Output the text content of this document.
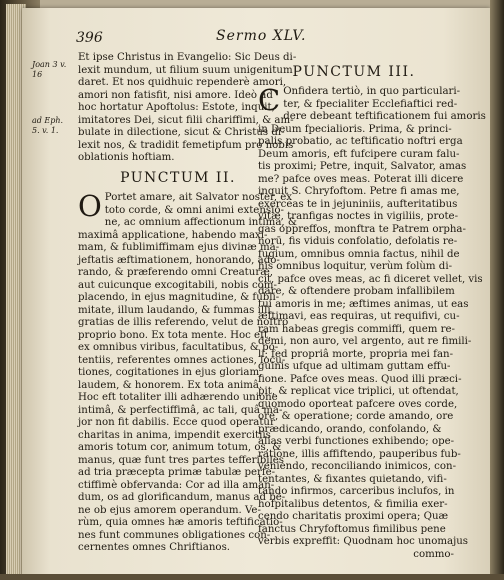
396	Sermo XLV.
Joan 3 v. 16
ad Eph. 5. v. 1.
Et ipse Christus in Evangelio: Sic Deus di-
lexit mundum, ut filium suum unigenitum
daret. Et nos quidhuic rependerè amori,
amori non fatisfit, nisi amore. Ideò ad
hoc hortatur Apoftolus: Estote, inquit,
imitatores Dei, sicut filii chariffimi, & am-
bulate in dilectione, sicut & Christus di-
lexit nos, & tradidit femetipfum pro nobis
oblationis hoftiam.
PUNCTUM II.
O Portet amare, ait Salvator noster, ex
toto corde, & omni animi extensio-
ne, ac omnium affectionum intima, &
maximâ applicatione, habendo maxi-
mam, & fublimiffimam ejus divinæ ma-
jeftatis æftimationem, honorando, ado-
rando, & præferendo omni Creaturæ,
aut cuicunque excogitabili, nobis com-
placendo, in ejus magnitudine, & fubli-
mitate, illum laudando, & fummas illi
gratias de illis referendo, velut de noftro
proprio bono. Ex tota mente. Hoc eft,
ex omnibus viribus, facultatibus, & po-
tentiis, referentes omnes actiones, locu-
tiones, cogitationes in ejus gloriam,
laudem, & honorem. Ex tota animâ.
Hoc eft totaliter illi adhærendo unione
intimâ, & perfectiffimâ, ac tali, quâ ma-
jor non fit dabilis. Ecce quod operatur
charitas in anima, impendit exercitiis
amoris totum cor, animum totum, os, &
manus, quæ funt tres partes tefferibiles
ad tria præcepta primæ tabulæ perfe-
ctiffimè obfervanda: Cor ad illa aman-
dum, os ad glorificandum, manus ad be-
ne ob ejus amorem operandum. Ve-
rùm, quia omnes hæ amoris teftificatio-
nes funt communes obligationes con-
cernentes omnes Chriftianos.
PUNCTUM III.
C Onfidera tertiò, in quo particulari-
ter, & fpecialiter Ecclefiaftici red-
dere debeant teftificationem fui amoris
in Deum fpecialioris. Prima, & princi-
palis probatio, ac teftificatio noftri erga
Deum amoris, eft fufcipere curam falu-
tis proximi; Petre, inquit, Salvator, amas
me? pafce oves meas. Poterat illi dicere
inquit S. Chryfoftom. Petre fi amas me,
exerceas te in jejuniniis, aufteritatibus
vitæ, tranfigas noctes in vigiliis, prote-
gas oppreffos, monftra te Patrem orpha-
norū, fis viduis confolatio, defolatis re-
fugium, omnibus omnia factus, nihil de
his omnibus loquitur, verùm folùm di-
cit, pafce oves meas, ac fi diceret vellet, vis
dare, & oftendere probam infallibilem
tui amoris in me; æftimes animas, ut eas
æftimavi, eas requiras, ut requifivi, cu-
ram habeas gregis commiffi, quem re-
demi, non auro, vel argento, aut re fimili-
li; fed propriâ morte, propria mei fan-
guinis ufque ad ultimam guttam effu-
fione. Pafce oves meas. Quod illi præci-
pit, & replicat vice triplici, ut oftendat,
quomodo oporteat pafcere oves corde,
ore, & operatione; corde amando, ore
prædicando, orando, confolando, &
alias verbi functiones exhibendo; ope-
ratione, illis affiftendo, pauperibus fub-
veniendo, reconciliando inimicos, con-
tentantes, & fixantes quietando, vifi-
tando infirmos, carceribus inclufos, in
hofpitalibus detentos, & fimilia exer-
cendo charitatis proximi opera; Quæ
fanctus Chryfoftomus fimilibus pene
verbis expreffit: Quodnam hoc unomajus
commo-
